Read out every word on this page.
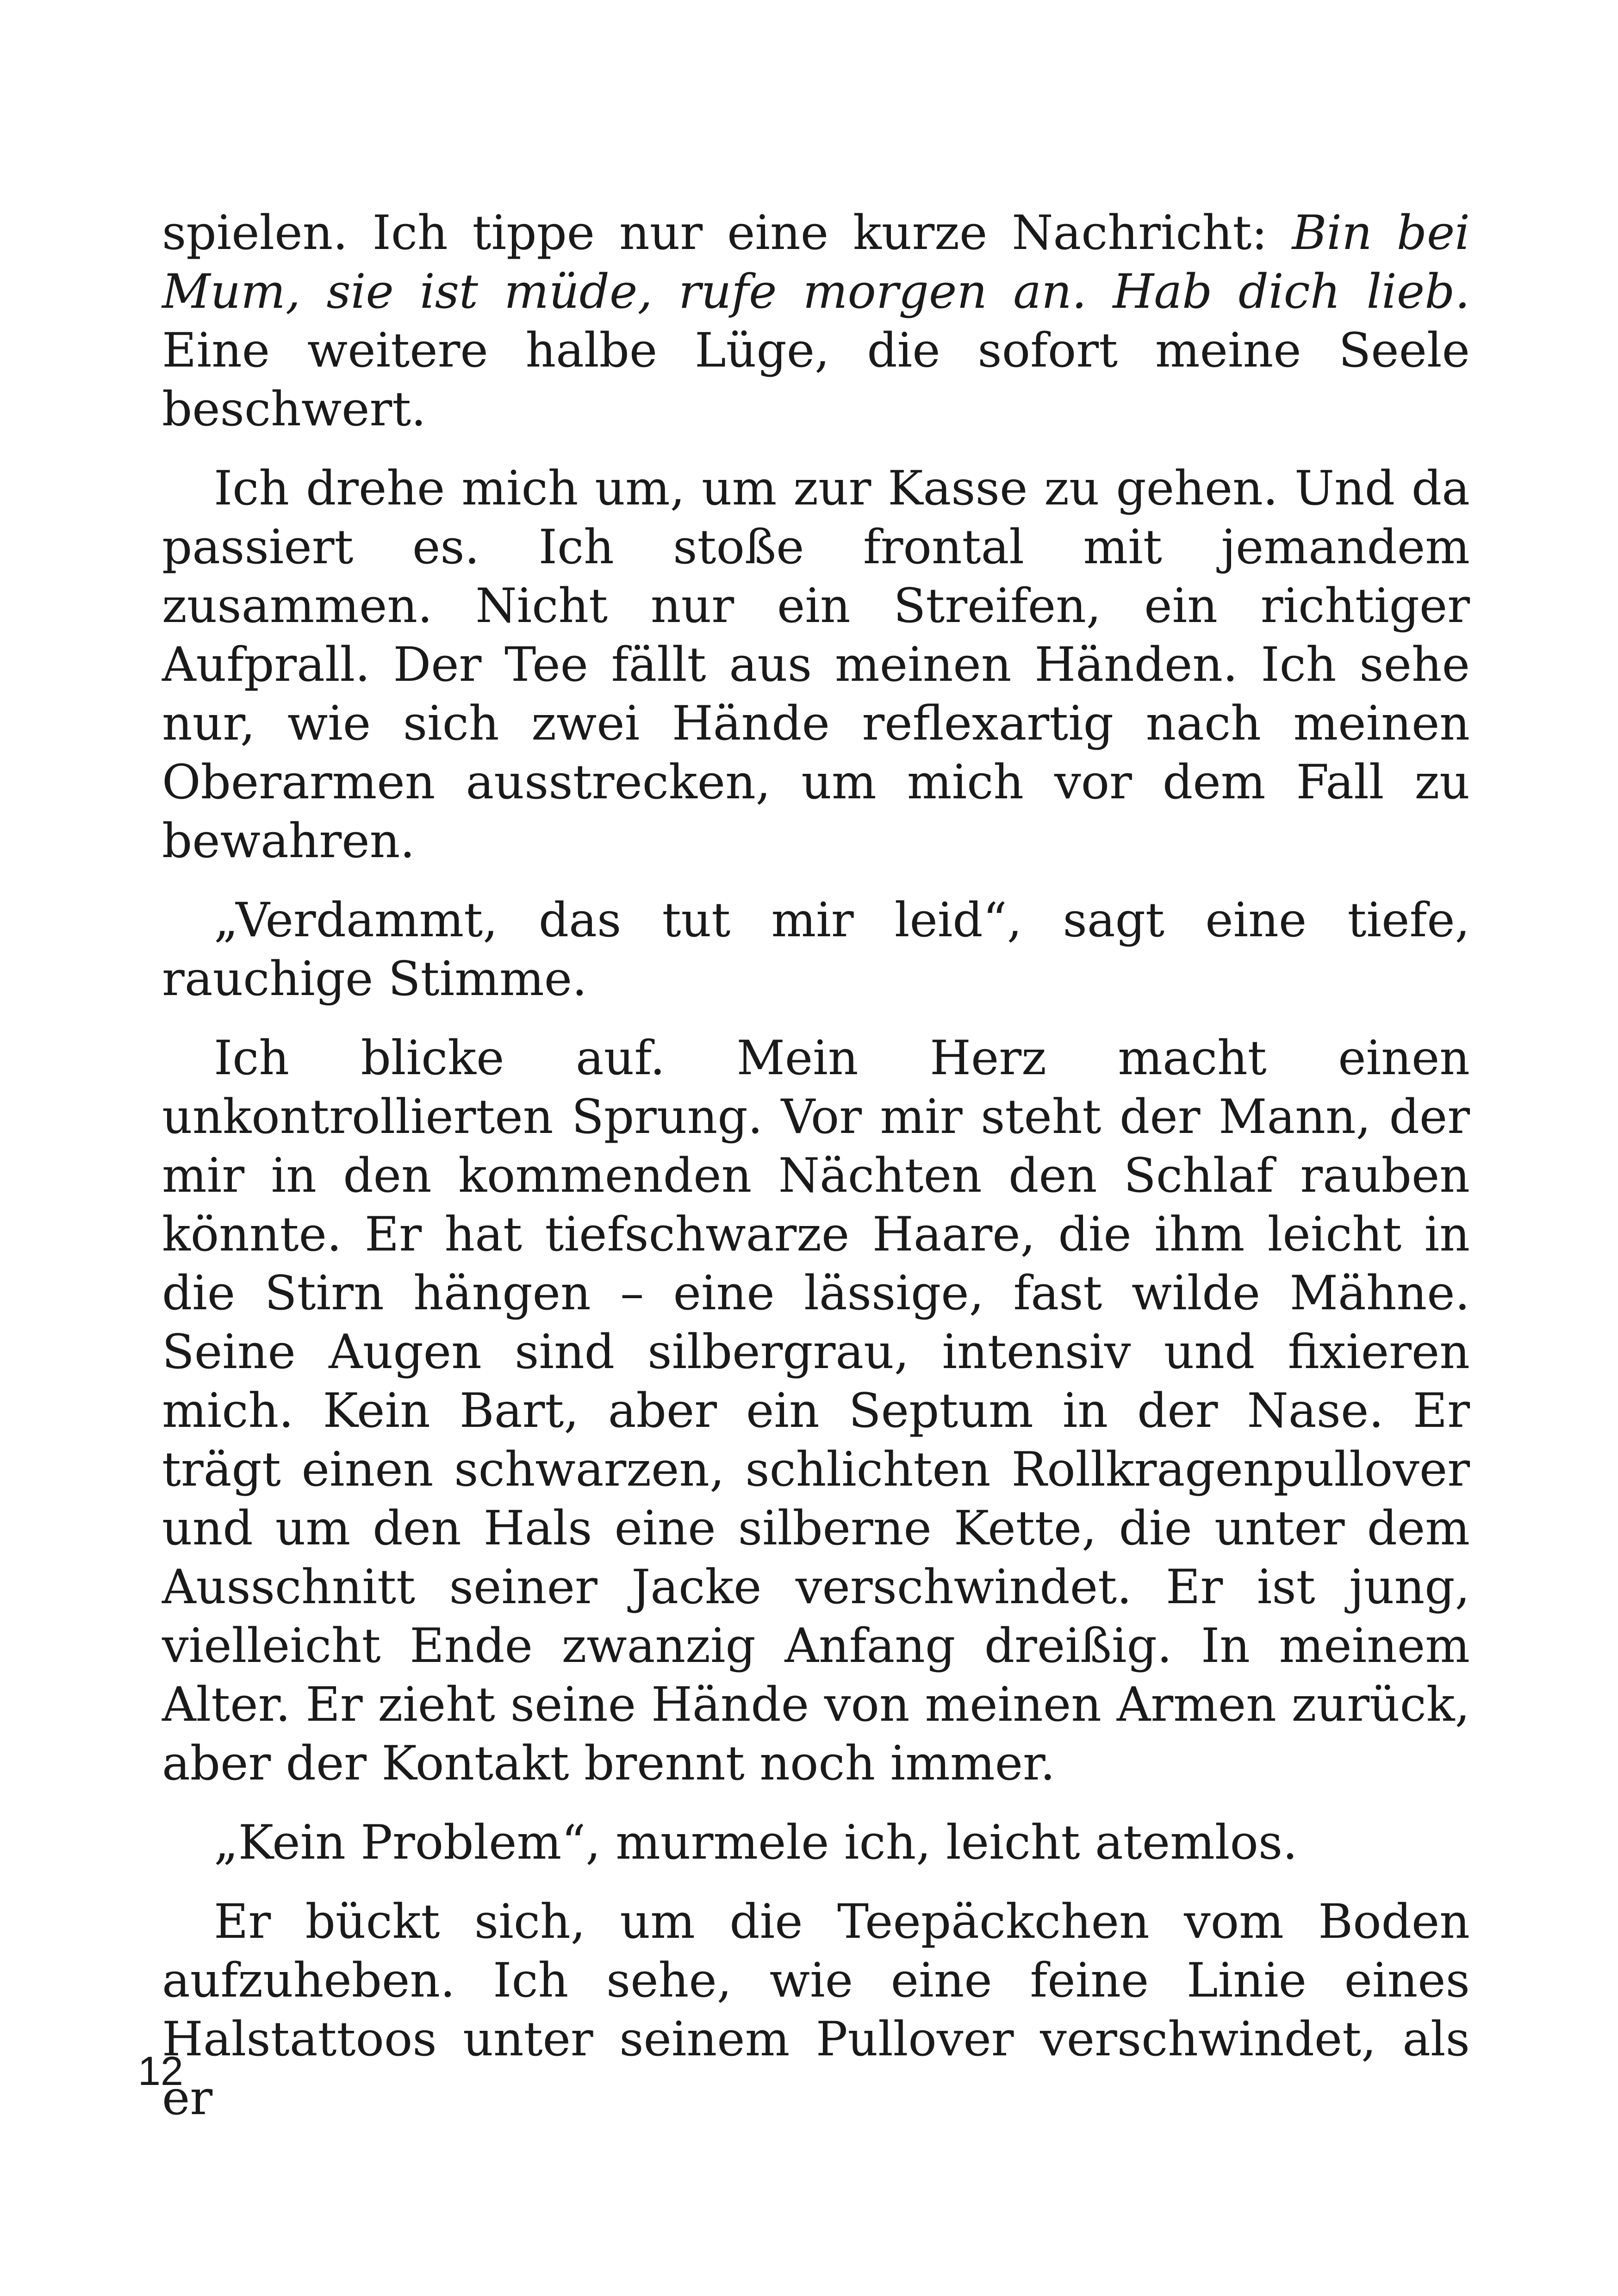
spielen. Ich tippe nur eine kurze Nachricht: Bin bei Mum, sie ist müde, rufe morgen an. Hab dich lieb. Eine weitere halbe Lüge, die sofort meine Seele beschwert.

Ich drehe mich um, um zur Kasse zu gehen. Und da passiert es. Ich stoße frontal mit jemandem zusammen. Nicht nur ein Streifen, ein richtiger Aufprall. Der Tee fällt aus meinen Händen. Ich sehe nur, wie sich zwei Hände reflexartig nach meinen Oberarmen ausstrecken, um mich vor dem Fall zu bewahren.

„Verdammt, das tut mir leid“, sagt eine tiefe, rauchige Stimme.

Ich blicke auf. Mein Herz macht einen unkontrollierten Sprung. Vor mir steht der Mann, der mir in den kommenden Nächten den Schlaf rauben könnte. Er hat tiefschwarze Haare, die ihm leicht in die Stirn hängen – eine lässige, fast wilde Mähne. Seine Augen sind silbergrau, intensiv und fixieren mich. Kein Bart, aber ein Septum in der Nase. Er trägt einen schwarzen, schlichten Rollkragenpullover und um den Hals eine silberne Kette, die unter dem Ausschnitt seiner Jacke verschwindet. Er ist jung, vielleicht Ende zwanzig Anfang dreißig. In meinem Alter. Er zieht seine Hände von meinen Armen zurück, aber der Kontakt brennt noch immer.

„Kein Problem“, murmele ich, leicht atemlos.

Er bückt sich, um die Teepäckchen vom Boden aufzuheben. Ich sehe, wie eine feine Linie eines Halstattoos unter seinem Pullover verschwindet, als er

12
